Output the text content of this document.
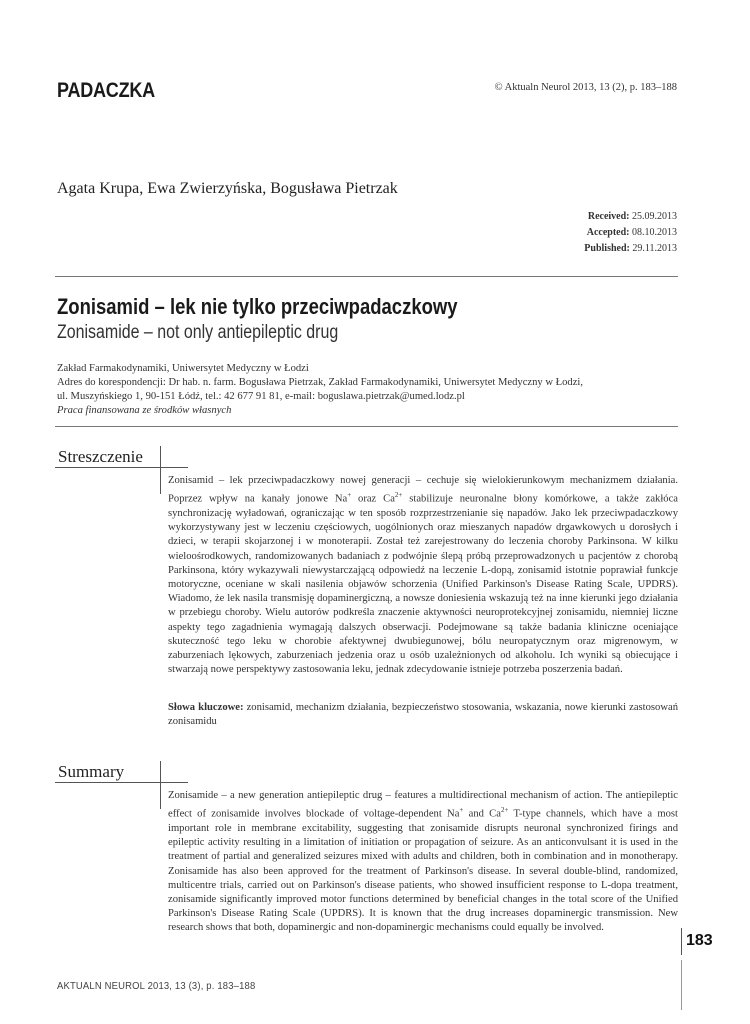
PADACZKA	© Aktualn Neurol 2013, 13 (2), p. 183–188
Agata Krupa, Ewa Zwierzyńska, Bogusława Pietrzak
Received: 25.09.2013
Accepted: 08.10.2013
Published: 29.11.2013
Zonisamid – lek nie tylko przeciwpadaczkowy
Zonisamide – not only antiepileptic drug
Zakład Farmakodynamiki, Uniwersytet Medyczny w Łodzi
Adres do korespondencji: Dr hab. n. farm. Bogusława Pietrzak, Zakład Farmakodynamiki, Uniwersytet Medyczny w Łodzi,
ul. Muszyńskiego 1, 90-151 Łódź, tel.: 42 677 91 81, e-mail: boguslawa.pietrzak@umed.lodz.pl
Praca finansowana ze środków własnych
Streszczenie
Zonisamid – lek przeciwpadaczkowy nowej generacji – cechuje się wielokierunkowym mechanizmem działania. Poprzez wpływ na kanały jonowe Na+ oraz $Ca^{2+}$ stabilizuje neuronalne błony komórkowe, a także zakłóca synchronizację wyładowań, ograniczając w ten sposób rozprzestrzenianie się napadów. Jako lek przeciwpadaczkowy wykorzystywany jest w leczeniu częściowych, uogólnionych oraz mieszanych napadów drgawkowych u dorosłych i dzieci, w terapii skojarzonej i w monoterapii. Został też zarejestrowany do leczenia choroby Parkinsona. W kilku wieloośrodkowych, randomizowanych badaniach z podwójnie ślepą próbą przeprowadzonych u pacjentów z chorobą Parkinsona, który wykazywali niewystarczającą odpowiedź na leczenie L-dopą, zonisamid istotnie poprawiał funkcje motoryczne, oceniane w skali nasilenia objawów schorzenia (Unified Parkinson's Disease Rating Scale, UPDRS). Wiadomo, że lek nasila transmisję dopaminergiczną, a nowsze doniesienia wskazują też na inne kierunki jego działania w przebiegu choroby. Wielu autorów podkreśla znaczenie aktywności neuroprotekcyjnej zonisamidu, niemniej liczne aspekty tego zagadnienia wymagają dalszych obserwacji. Podejmowane są także badania kliniczne oceniające skuteczność tego leku w chorobie afektywnej dwubiegunowej, bólu neuropatycznym oraz migrenowym, w zaburzeniach lękowych, zaburzeniach jedzenia oraz u osób uzależnionych od alkoholu. Ich wyniki są obiecujące i stwarzają nowe perspektywy zastosowania leku, jednak zdecydowanie istnieje potrzeba poszerzenia badań.
Słowa kluczowe: zonisamid, mechanizm działania, bezpieczeństwo stosowania, wskazania, nowe kierunki zastosowań zonisamidu
Summary
Zonisamide – a new generation antiepileptic drug – features a multidirectional mechanism of action. The antiepileptic effect of zonisamide involves blockade of voltage-dependent Na+ and $Ca^{2+}$ T-type channels, which have a most important role in membrane excitability, suggesting that zonisamide disrupts neuronal synchronized firings and epileptic activity resulting in a limitation of initiation or propagation of seizure. As an anticonvulsant it is used in the treatment of partial and generalized seizures mixed with adults and children, both in combination and in monotherapy. Zonisamide has also been approved for the treatment of Parkinson's disease. In several double-blind, randomized, multicentre trials, carried out on Parkinson's disease patients, who showed insufficient response to L-dopa treatment, zonisamide significantly improved motor functions determined by beneficial changes in the total score of the Unified Parkinson's Disease Rating Scale (UPDRS). It is known that the drug increases dopaminergic transmission. New research shows that both, dopaminergic and non-dopaminergic mechanisms could equally be involved.
183
AKTUALN NEUROL 2013, 13 (3), p. 183–188
